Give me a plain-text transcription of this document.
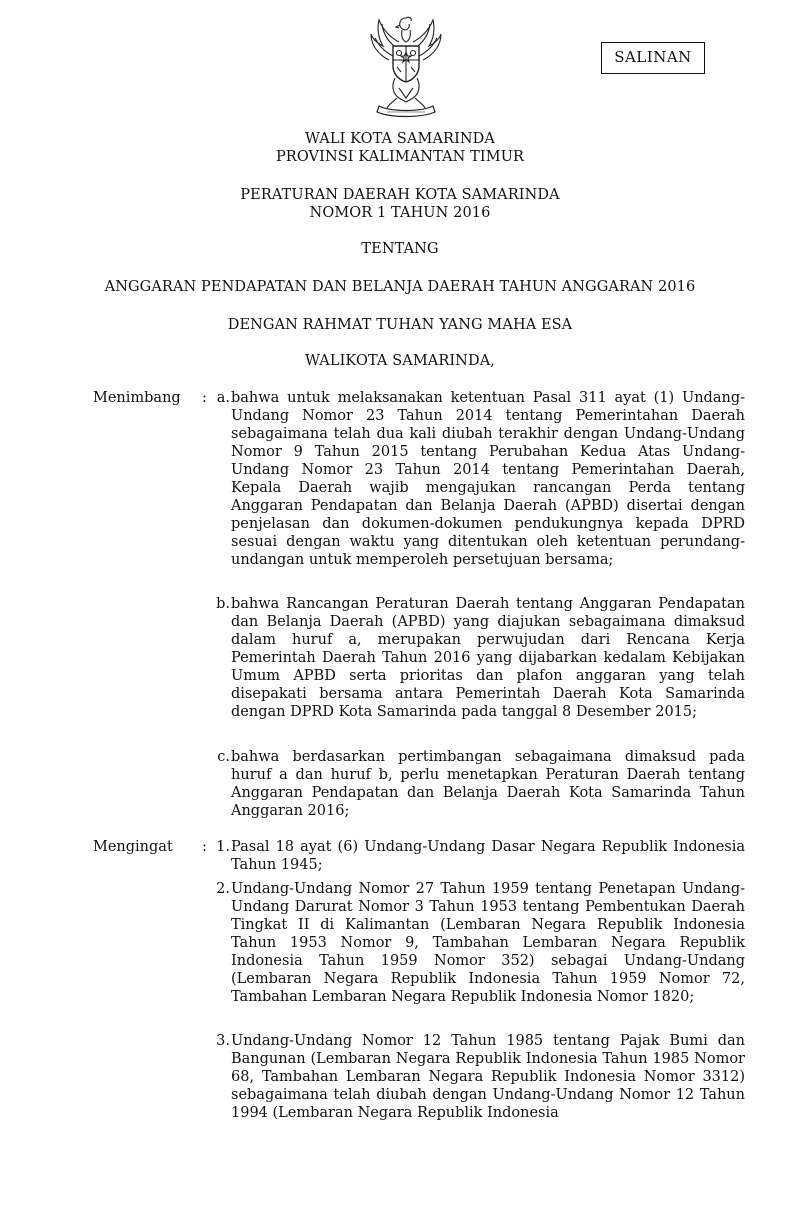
SALINAN
WALI KOTA SAMARINDA
PROVINSI KALIMANTAN TIMUR
PERATURAN DAERAH KOTA SAMARINDA
NOMOR 1 TAHUN 2016
TENTANG
ANGGARAN PENDAPATAN DAN BELANJA DAERAH TAHUN ANGGARAN 2016
DENGAN RAHMAT TUHAN YANG MAHA ESA
WALIKOTA SAMARINDA,
Menimbang : a. bahwa untuk melaksanakan ketentuan Pasal 311 ayat (1) Undang-Undang Nomor 23 Tahun 2014 tentang Pemerintahan Daerah sebagaimana telah dua kali diubah terakhir dengan Undang-Undang Nomor 9 Tahun 2015 tentang Perubahan Kedua Atas Undang-Undang Nomor 23 Tahun 2014 tentang Pemerintahan Daerah, Kepala Daerah wajib mengajukan rancangan Perda tentang Anggaran Pendapatan dan Belanja Daerah (APBD) disertai dengan penjelasan dan dokumen-dokumen pendukungnya kepada DPRD sesuai dengan waktu yang ditentukan oleh ketentuan perundang-undangan untuk memperoleh persetujuan bersama;
b. bahwa Rancangan Peraturan Daerah tentang Anggaran Pendapatan dan Belanja Daerah (APBD) yang diajukan sebagaimana dimaksud dalam huruf a, merupakan perwujudan dari Rencana Kerja Pemerintah Daerah Tahun 2016 yang dijabarkan kedalam Kebijakan Umum APBD serta prioritas dan plafon anggaran yang telah disepakati bersama antara Pemerintah Daerah Kota Samarinda dengan DPRD Kota Samarinda pada tanggal 8 Desember 2015;
c. bahwa berdasarkan pertimbangan sebagaimana dimaksud pada huruf a dan huruf b, perlu menetapkan Peraturan Daerah tentang Anggaran Pendapatan dan Belanja Daerah Kota Samarinda Tahun Anggaran 2016;
Mengingat : 1. Pasal 18 ayat (6) Undang-Undang Dasar Negara Republik Indonesia Tahun 1945;
2. Undang-Undang Nomor 27 Tahun 1959 tentang Penetapan Undang-Undang Darurat Nomor 3 Tahun 1953 tentang Pembentukan Daerah Tingkat II di Kalimantan (Lembaran Negara Republik Indonesia Tahun 1953 Nomor 9, Tambahan Lembaran Negara Republik Indonesia Tahun 1959 Nomor 352) sebagai Undang-Undang (Lembaran Negara Republik Indonesia Tahun 1959 Nomor 72, Tambahan Lembaran Negara Republik Indonesia Nomor 1820;
3. Undang-Undang Nomor 12 Tahun 1985 tentang Pajak Bumi dan Bangunan (Lembaran Negara Republik Indonesia Tahun 1985 Nomor 68, Tambahan Lembaran Negara Republik Indonesia Nomor 3312) sebagaimana telah diubah dengan Undang-Undang Nomor 12 Tahun 1994 (Lembaran Negara Republik Indonesia
